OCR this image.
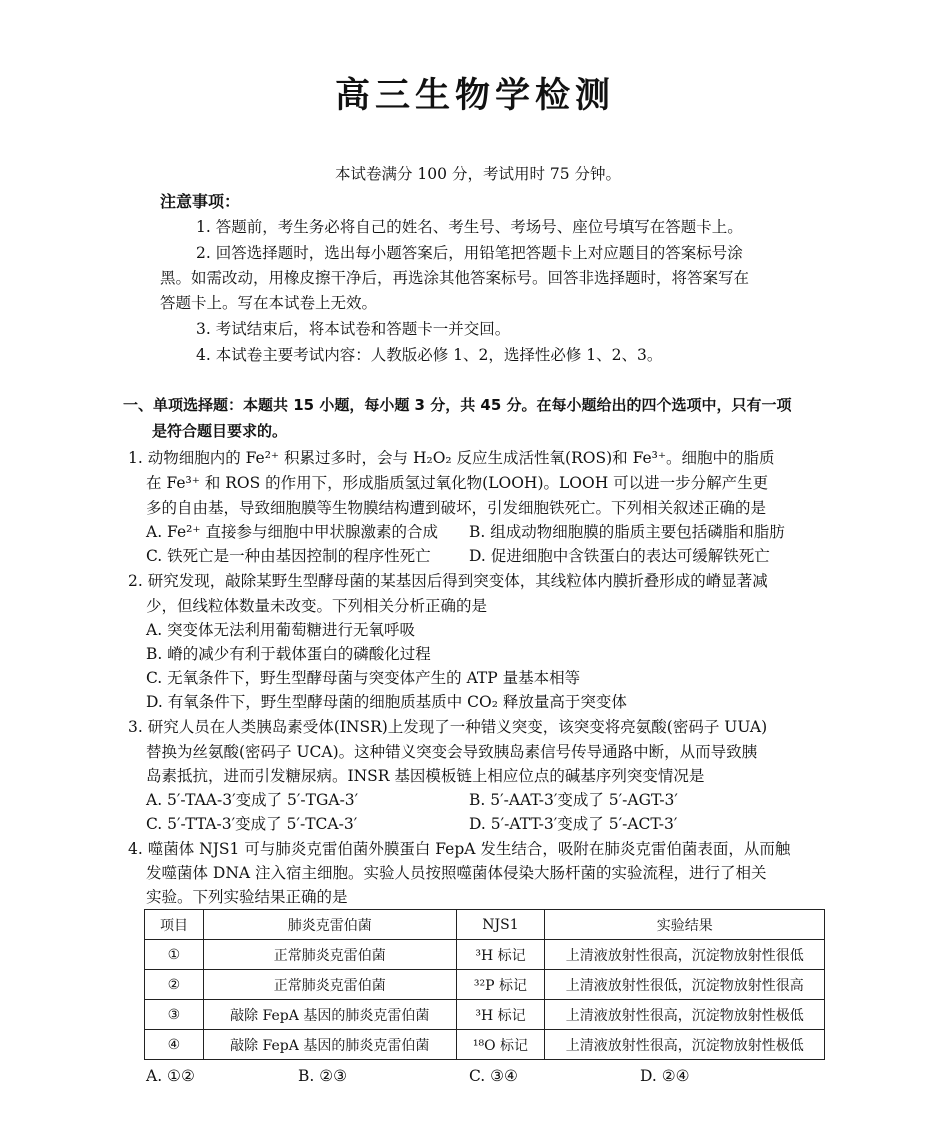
高三生物学检测
本试卷满分 100 分，考试用时 75 分钟。
注意事项：
1. 答题前，考生务必将自己的姓名、考生号、考场号、座位号填写在答题卡上。
2. 回答选择题时，选出每小题答案后，用铅笔把答题卡上对应题目的答案标号涂
黑。如需改动，用橡皮擦干净后，再选涂其他答案标号。回答非选择题时，将答案写在
答题卡上。写在本试卷上无效。
3. 考试结束后，将本试卷和答题卡一并交回。
4. 本试卷主要考试内容：人教版必修 1、2，选择性必修 1、2、3。
一、单项选择题：本题共 15 小题，每小题 3 分，共 45 分。在每小题给出的四个选项中，只有一项
是符合题目要求的。
1. 动物细胞内的 Fe²⁺ 积累过多时，会与 H₂O₂ 反应生成活性氧(ROS)和 Fe³⁺。细胞中的脂质
在 Fe³⁺ 和 ROS 的作用下，形成脂质氢过氧化物(LOOH)。LOOH 可以进一步分解产生更
多的自由基，导致细胞膜等生物膜结构遭到破坏，引发细胞铁死亡。下列相关叙述正确的是
A. Fe²⁺ 直接参与细胞中甲状腺激素的合成 B. 组成动物细胞膜的脂质主要包括磷脂和脂肪
C. 铁死亡是一种由基因控制的程序性死亡 D. 促进细胞中含铁蛋白的表达可缓解铁死亡
2. 研究发现，敲除某野生型酵母菌的某基因后得到突变体，其线粒体内膜折叠形成的嵴显著减
少，但线粒体数量未改变。下列相关分析正确的是
A. 突变体无法利用葡萄糖进行无氧呼吸
B. 嵴的减少有利于载体蛋白的磷酸化过程
C. 无氧条件下，野生型酵母菌与突变体产生的 ATP 量基本相等
D. 有氧条件下，野生型酵母菌的细胞质基质中 CO₂ 释放量高于突变体
3. 研究人员在人类胰岛素受体(INSR)上发现了一种错义突变，该突变将亮氨酸(密码子 UUA)
替换为丝氨酸(密码子 UCA)。这种错义突变会导致胰岛素信号传导通路中断，从而导致胰
岛素抵抗，进而引发糖尿病。INSR 基因模板链上相应位点的碱基序列突变情况是
A. 5′-TAA-3′变成了 5′-TGA-3′	B. 5′-AAT-3′变成了 5′-AGT-3′
C. 5′-TTA-3′变成了 5′-TCA-3′	D. 5′-ATT-3′变成了 5′-ACT-3′
4. 噬菌体 NJS1 可与肺炎克雷伯菌外膜蛋白 FepA 发生结合，吸附在肺炎克雷伯菌表面，从而触
发噬菌体 DNA 注入宿主细胞。实验人员按照噬菌体侵染大肠杆菌的实验流程，进行了相关
实验。下列实验结果正确的是
项目	肺炎克雷伯菌	NJS1	实验结果
①	正常肺炎克雷伯菌	³H 标记	上清液放射性很高，沉淀物放射性很低
②	正常肺炎克雷伯菌	³²P 标记	上清液放射性很低，沉淀物放射性很高
③	敲除 FepA 基因的肺炎克雷伯菌	³H 标记	上清液放射性很高，沉淀物放射性极低
④	敲除 FepA 基因的肺炎克雷伯菌	¹⁸O 标记	上清液放射性很高，沉淀物放射性极低
A. ①②	B. ②③	C. ③④	D. ②④
